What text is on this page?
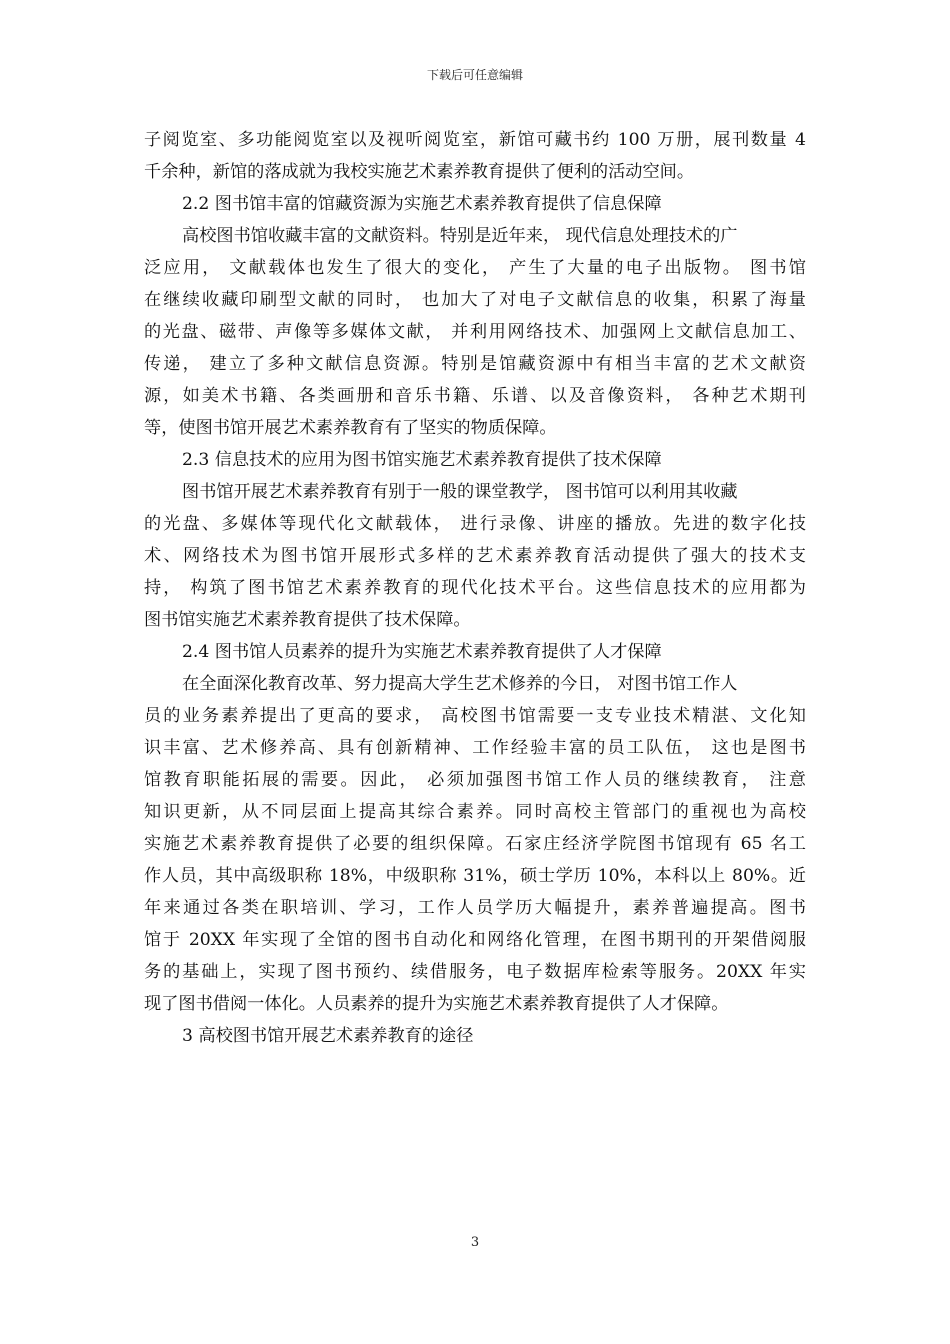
下载后可任意编辑
子阅览室、多功能阅览室以及视听阅览室，新馆可藏书约 100 万册，展刊数量 4
千余种，新馆的落成就为我校实施艺术素养教育提供了便利的活动空间。
2.2 图书馆丰富的馆藏资源为实施艺术素养教育提供了信息保障
高校图书馆收藏丰富的文献资料。特别是近年来， 现代信息处理技术的广
泛应用， 文献载体也发生了很大的变化， 产生了大量的电子出版物。 图书馆
在继续收藏印刷型文献的同时， 也加大了对电子文献信息的收集，积累了海量
的光盘、磁带、声像等多媒体文献， 并利用网络技术、加强网上文献信息加工、
传递， 建立了多种文献信息资源。特别是馆藏资源中有相当丰富的艺术文献资
源，如美术书籍、各类画册和音乐书籍、乐谱、以及音像资料， 各种艺术期刊
等，使图书馆开展艺术素养教育有了坚实的物质保障。
2.3 信息技术的应用为图书馆实施艺术素养教育提供了技术保障
图书馆开展艺术素养教育有别于一般的课堂教学， 图书馆可以利用其收藏
的光盘、多媒体等现代化文献载体， 进行录像、讲座的播放。先进的数字化技
术、网络技术为图书馆开展形式多样的艺术素养教育活动提供了强大的技术支
持， 构筑了图书馆艺术素养教育的现代化技术平台。这些信息技术的应用都为
图书馆实施艺术素养教育提供了技术保障。
2.4 图书馆人员素养的提升为实施艺术素养教育提供了人才保障
在全面深化教育改革、努力提高大学生艺术修养的今日， 对图书馆工作人
员的业务素养提出了更高的要求， 高校图书馆需要一支专业技术精湛、文化知
识丰富、艺术修养高、具有创新精神、工作经验丰富的员工队伍， 这也是图书
馆教育职能拓展的需要。因此， 必须加强图书馆工作人员的继续教育， 注意
知识更新，从不同层面上提高其综合素养。同时高校主管部门的重视也为高校
实施艺术素养教育提供了必要的组织保障。石家庄经济学院图书馆现有 65 名工
作人员，其中高级职称 18%，中级职称 31%，硕士学历 10%，本科以上 80%。近
年来通过各类在职培训、学习，工作人员学历大幅提升，素养普遍提高。图书
馆于 20XX 年实现了全馆的图书自动化和网络化管理，在图书期刊的开架借阅服
务的基础上，实现了图书预约、续借服务，电子数据库检索等服务。20XX 年实
现了图书借阅一体化。人员素养的提升为实施艺术素养教育提供了人才保障。
3 高校图书馆开展艺术素养教育的途径
3
